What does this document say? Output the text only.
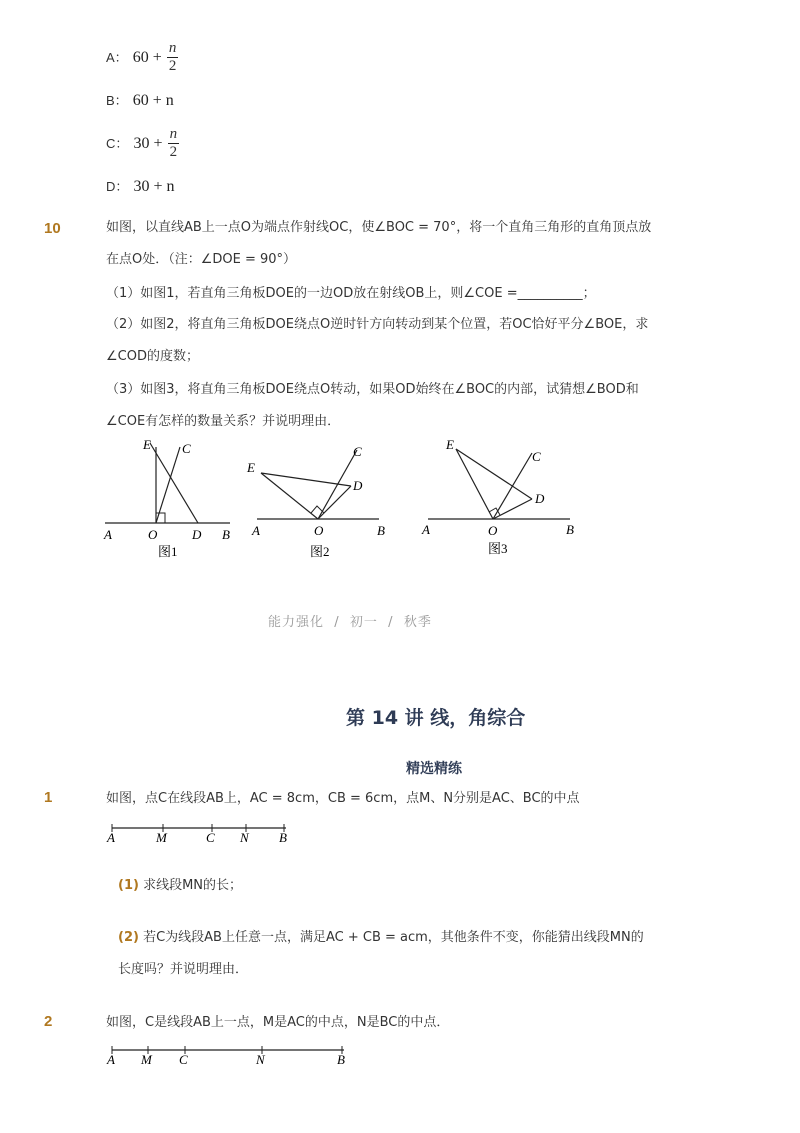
A： $60 + \frac{n}{2}$
B： 60 + n
C： $30 + \frac{n}{2}$
D： 30 + n
10	如图，以直线AB上一点O为端点作射线OC，使∠BOC = 70°，将一个直角三角形的直角顶点放
在点O处．（注：∠DOE = 90°）
（1）如图1，若直角三角板DOE的一边OD放在射线OB上，则∠COE =__________；
（2）如图2，将直角三角板DOE绕点O逆时针方向转动到某个位置，若OC恰好平分∠BOE，求
∠COD的度数；
（3）如图3，将直角三角板DOE绕点O转动，如果OD始终在∠BOC的内部，试猜想∠BOD和
∠COE有怎样的数量关系？并说明理由．
E C
A	O	D B
图1
E
C
D
A	O	B
图2
E
C
D
A	O	B
图3
能力强化  /  初一  /  秋季
第 14 讲 线，角综合
精选精练
1	如图，点C在线段AB上，AC = 8cm，CB = 6cm，点M、N分别是AC、BC的中点
A	M	C N B
(1) 求线段MN的长；
(2) 若C为线段AB上任意一点，满足AC + CB = acm，其他条件不变，你能猜出线段MN的
长度吗？并说明理由．
2	如图，C是线段AB上一点，M是AC的中点，N是BC的中点．
A M C	N	B
